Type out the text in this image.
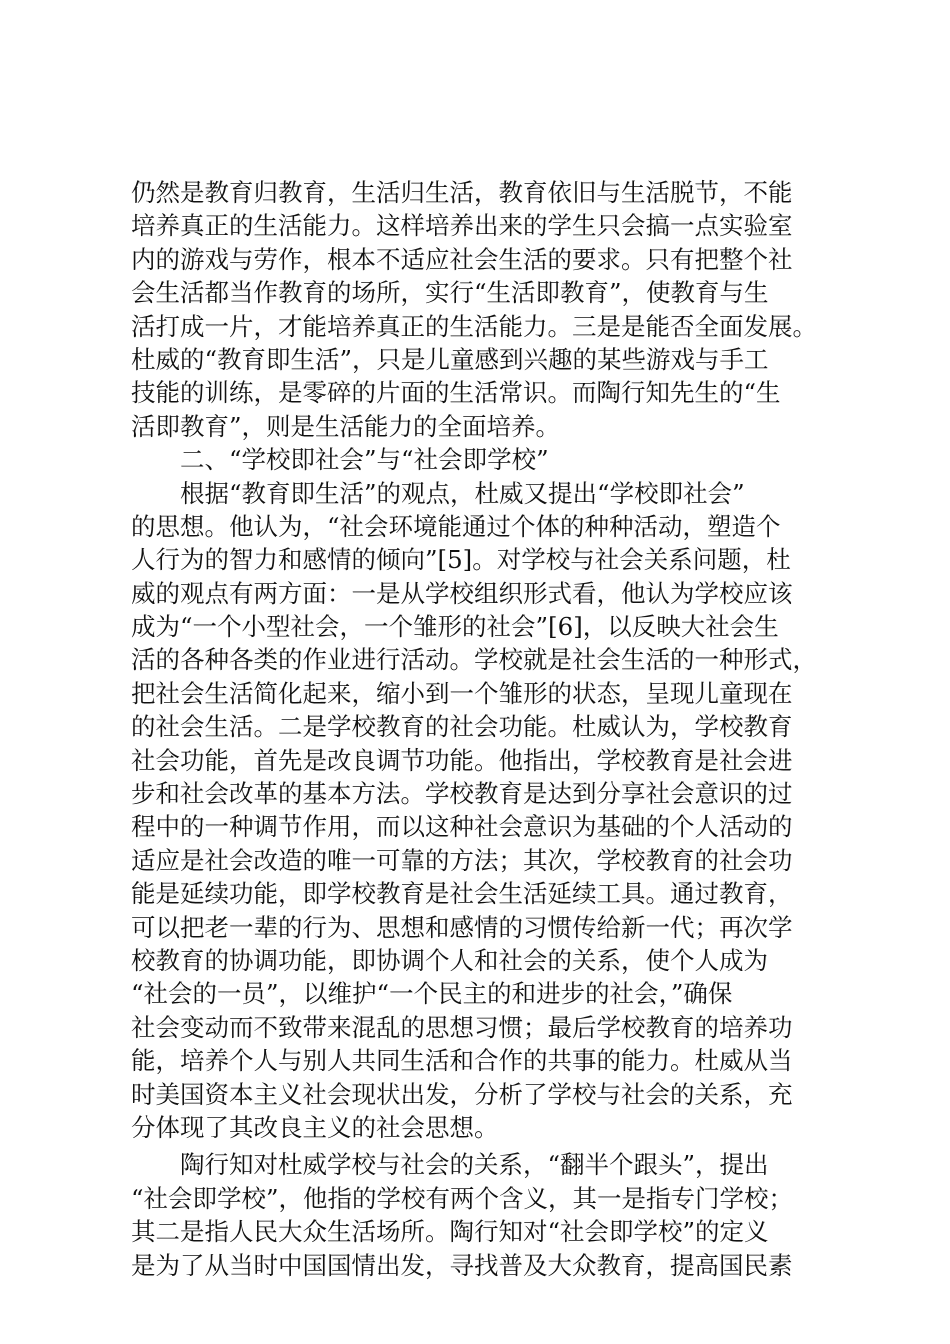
仍然是教育归教育，生活归生活，教育依旧与生活脱节，不能
培养真正的生活能力。这样培养出来的学生只会搞一点实验室
内的游戏与劳作，根本不适应社会生活的要求。只有把整个社
会生活都当作教育的场所，实行“生活即教育”，使教育与生
活打成一片，才能培养真正的生活能力。三是是能否全面发展。
杜威的“教育即生活”，只是儿童感到兴趣的某些游戏与手工
技能的训练，是零碎的片面的生活常识。而陶行知先生的“生
活即教育”，则是生活能力的全面培养。
二、“学校即社会”与“社会即学校”
根据“教育即生活”的观点，杜威又提出“学校即社会”
的思想。他认为，“社会环境能通过个体的种种活动，塑造个
人行为的智力和感情的倾向”[5]。对学校与社会关系问题，杜
威的观点有两方面：一是从学校组织形式看，他认为学校应该
成为“一个小型社会，一个雏形的社会”[6]，以反映大社会生
活的各种各类的作业进行活动。学校就是社会生活的一种形式，
把社会生活简化起来，缩小到一个雏形的状态，呈现儿童现在
的社会生活。二是学校教育的社会功能。杜威认为，学校教育
社会功能，首先是改良调节功能。他指出，学校教育是社会进
步和社会改革的基本方法。学校教育是达到分享社会意识的过
程中的一种调节作用，而以这种社会意识为基础的个人活动的
适应是社会改造的唯一可靠的方法；其次，学校教育的社会功
能是延续功能，即学校教育是社会生活延续工具。通过教育，
可以把老一辈的行为、思想和感情的习惯传给新一代；再次学
校教育的协调功能，即协调个人和社会的关系，使个人成为
“社会的一员”，以维护“一个民主的和进步的社会，”确保
社会变动而不致带来混乱的思想习惯；最后学校教育的培养功
能，培养个人与别人共同生活和合作的共事的能力。杜威从当
时美国资本主义社会现状出发，分析了学校与社会的关系，充
分体现了其改良主义的社会思想。
陶行知对杜威学校与社会的关系，“翻半个跟头”，提出
“社会即学校”，他指的学校有两个含义，其一是指专门学校；
其二是指人民大众生活场所。陶行知对“社会即学校”的定义
是为了从当时中国国情出发，寻找普及大众教育，提高国民素
